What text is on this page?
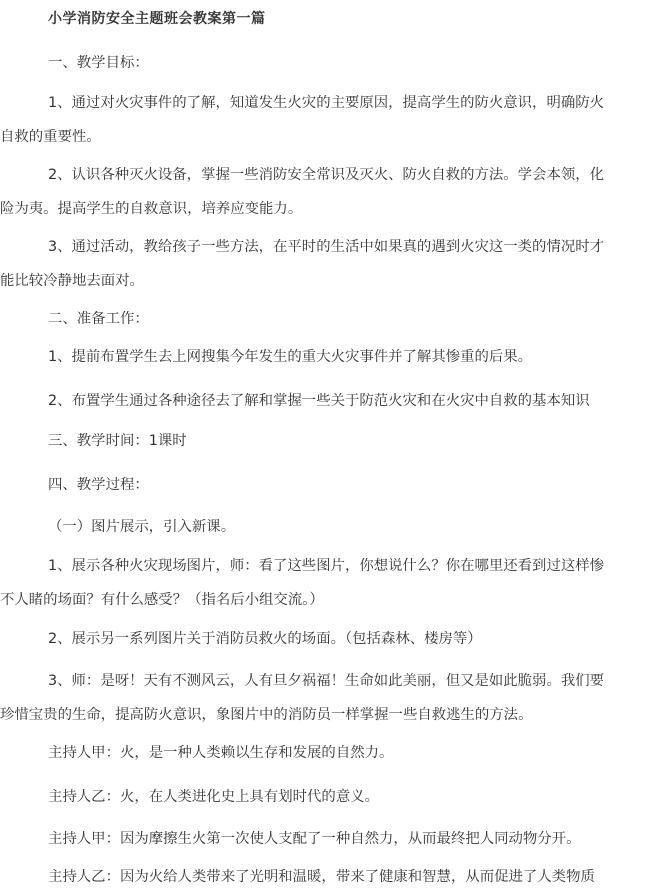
小学消防安全主题班会教案第一篇
一、教学目标：
1、通过对火灾事件的了解，知道发生火灾的主要原因，提高学生的防火意识，明确防火
自救的重要性。
2、认识各种灭火设备，掌握一些消防安全常识及灭火、防火自救的方法。学会本领，化
险为夷。提高学生的自救意识，培养应变能力。
3、通过活动，教给孩子一些方法，在平时的生活中如果真的遇到火灾这一类的情况时才
能比较冷静地去面对。
二、准备工作：
1、提前布置学生去上网搜集今年发生的重大火灾事件并了解其惨重的后果。
2、布置学生通过各种途径去了解和掌握一些关于防范火灾和在火灾中自救的基本知识
三、教学时间：1课时
四、教学过程：
（一）图片展示，引入新课。
1、展示各种火灾现场图片，师：看了这些图片，你想说什么？你在哪里还看到过这样惨
不人睹的场面？有什么感受？（指名后小组交流。）
2、展示另一系列图片关于消防员救火的场面。（包括森林、楼房等）
3、师：是呀！天有不测风云，人有旦夕祸福！生命如此美丽，但又是如此脆弱。我们要
珍惜宝贵的生命，提高防火意识，象图片中的消防员一样掌握一些自救逃生的方法。
主持人甲：火，是一种人类赖以生存和发展的自然力。
主持人乙：火，在人类进化史上具有划时代的意义。
主持人甲：因为摩擦生火第一次使人支配了一种自然力，从而最终把人同动物分开。
主持人乙：因为火给人类带来了光明和温暖，带来了健康和智慧，从而促进了人类物质
